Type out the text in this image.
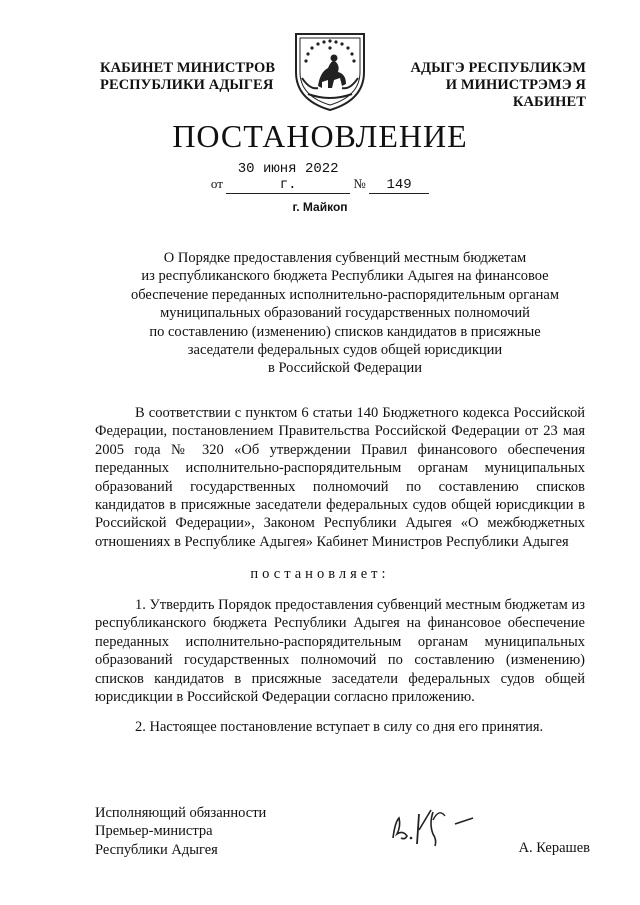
КАБИНЕТ МИНИСТРОВ
РЕСПУБЛИКИ АДЫГЕЯ
АДЫГЭ РЕСПУБЛИКЭМ
И МИНИСТРЭМЭ Я КАБИНЕТ
ПОСТАНОВЛЕНИЕ
от 30 июня 2022 г.	№ 149
г. Майкоп
О Порядке предоставления субвенций местным бюджетам
из республиканского бюджета Республики Адыгея на финансовое
обеспечение переданных исполнительно-распорядительным органам
муниципальных образований государственных полномочий
по составлению (изменению) списков кандидатов в присяжные
заседатели федеральных судов общей юрисдикции
в Российской Федерации
В соответствии с пунктом 6 статьи 140 Бюджетного кодекса Российской Федерации, постановлением Правительства Российской Федерации от 23 мая 2005 года № 320 «Об утверждении Правил финансового обеспечения переданных исполнительно-распорядительным органам муниципальных образований государственных полномочий по составлению списков кандидатов в присяжные заседатели федеральных судов общей юрисдикции в Российской Федерации», Законом Республики Адыгея «О межбюджетных отношениях в Республике Адыгея» Кабинет Министров Республики Адыгея
постановляет:
1. Утвердить Порядок предоставления субвенций местным бюджетам из республиканского бюджета Республики Адыгея на финансовое обеспечение переданных исполнительно-распорядительным органам муниципальных образований государственных полномочий по составлению (изменению) списков кандидатов в присяжные заседатели федеральных судов общей юрисдикции в Российской Федерации согласно приложению.
2. Настоящее постановление вступает в силу со дня его принятия.
Исполняющий обязанности
Премьер-министра
Республики Адыгея	А. Керашев
